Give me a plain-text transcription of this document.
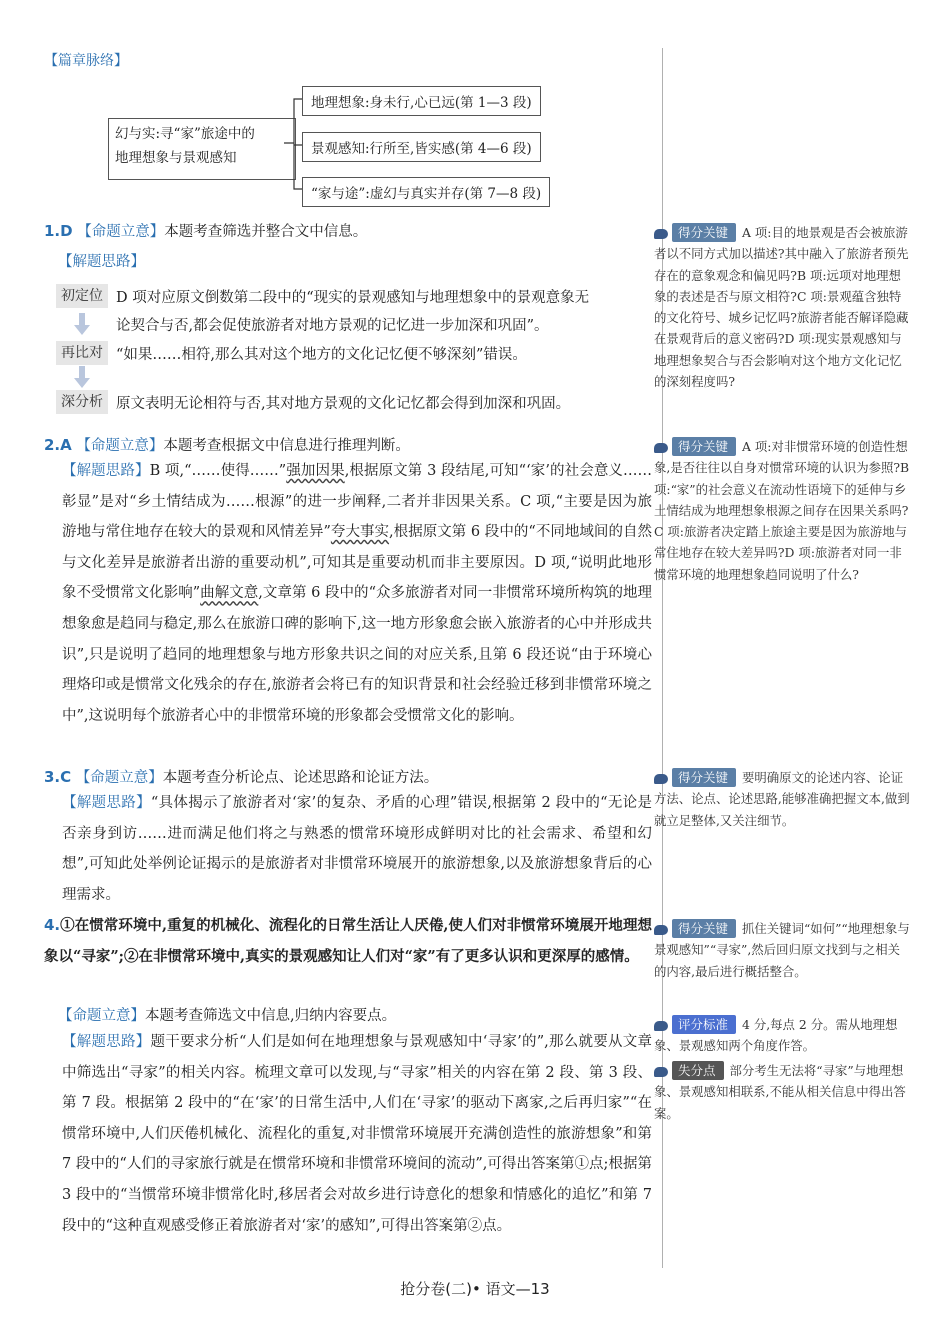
【篇章脉络】
幻与实:寻“家”旅途中的
地理想象与景观感知
地理想象:身未行,心已远(第 1—3 段)
景观感知:行所至,皆实感(第 4—6 段)
“家与途”:虚幻与真实并存(第 7—8 段)
1.D 【命题立意】本题考查筛选并整合文中信息。
【解题思路】
初定位 D 项对应原文倒数第二段中的“现实的景观感知与地理想象中的景观意象无
论契合与否,都会促使旅游者对地方景观的记忆进一步加深和巩固”。
再比对 “如果……相符,那么其对这个地方的文化记忆便不够深刻”错误。
深分析 原文表明无论相符与否,其对地方景观的文化记忆都会得到加深和巩固。
2.A 【命题立意】本题考查根据文中信息进行推理判断。
【解题思路】B 项,“……使得……”强加因果,根据原文第 3 段结尾,可知“‘家’的社会意义……彰显”是对“乡土情结成为……根源”的进一步阐释,二者并非因果关系。C 项,“主要是因为旅游地与常住地存在较大的景观和风情差异”夸大事实,根据原文第 6 段中的“不同地域间的自然与文化差异是旅游者出游的重要动机”,可知其是重要动机而非主要原因。D 项,“说明此地形象不受惯常文化影响”曲解文意,文章第 6 段中的“众多旅游者对同一非惯常环境所构筑的地理想象愈是趋同与稳定,那么在旅游口碑的影响下,这一地方形象愈会嵌入旅游者的心中并形成共识”,只是说明了趋同的地理想象与地方形象共识之间的对应关系,且第 6 段还说“由于环境心理烙印或是惯常文化残余的存在,旅游者会将已有的知识背景和社会经验迁移到非惯常环境之中”,这说明每个旅游者心中的非惯常环境的形象都会受惯常文化的影响。
3.C 【命题立意】本题考查分析论点、论述思路和论证方法。
【解题思路】“具体揭示了旅游者对‘家’的复杂、矛盾的心理”错误,根据第 2 段中的“无论是否亲身到访……进而满足他们将之与熟悉的惯常环境形成鲜明对比的社会需求、希望和幻想”,可知此处举例论证揭示的是旅游者对非惯常环境展开的旅游想象,以及旅游想象背后的心理需求。
4.①在惯常环境中,重复的机械化、流程化的日常生活让人厌倦,使人们对非惯常环境展开地理想象以“寻家”;②在非惯常环境中,真实的景观感知让人们对“家”有了更多认识和更深厚的感情。
【命题立意】本题考查筛选文中信息,归纳内容要点。
【解题思路】题干要求分析“人们是如何在地理想象与景观感知中‘寻家’的”,那么就要从文章中筛选出“寻家”的相关内容。梳理文章可以发现,与“寻家”相关的内容在第 2 段、第 3 段、第 7 段。根据第 2 段中的“在‘家’的日常生活中,人们在‘寻家’的驱动下离家,之后再归家”“在惯常环境中,人们厌倦机械化、流程化的重复,对非惯常环境展开充满创造性的旅游想象”和第 7 段中的“人们的寻家旅行就是在惯常环境和非惯常环境间的流动”,可得出答案第①点;根据第 3 段中的“当惯常环境非惯常化时,移居者会对故乡进行诗意化的想象和情感化的追忆”和第 7 段中的“这种直观感受修正着旅游者对‘家’的感知”,可得出答案第②点。
得分关键 A 项:目的地景观是否会被旅游者以不同方式加以描述?其中融入了旅游者预先存在的意象观念和偏见吗?B 项:远项对地理想象的表述是否与原文相符?C 项:景观蕴含独特的文化符号、城乡记忆吗?旅游者能否解译隐藏在景观背后的意义密码?D 项:现实景观感知与地理想象契合与否会影响对这个地方文化记忆的深刻程度吗?
得分关键 A 项:对非惯常环境的创造性想象,是否往往以自身对惯常环境的认识为参照?B 项:“家”的社会意义在流动性语境下的延伸与乡土情结成为地理想象根源之间存在因果关系吗?C 项:旅游者决定踏上旅途主要是因为旅游地与常住地存在较大差异吗?D 项:旅游者对同一非惯常环境的地理想象趋同说明了什么?
得分关键 要明确原文的论述内容、论证方法、论点、论述思路,能够准确把握文本,做到就立足整体,又关注细节。
得分关键 抓住关键词“如何”“地理想象与景观感知”“寻家”,然后回归原文找到与之相关的内容,最后进行概括整合。
评分标准 4 分,每点 2 分。需从地理想象、景观感知两个角度作答。
失分点 部分考生无法将“寻家”与地理想象、景观感知相联系,不能从相关信息中得出答案。
抢分卷(二)• 语文—13
